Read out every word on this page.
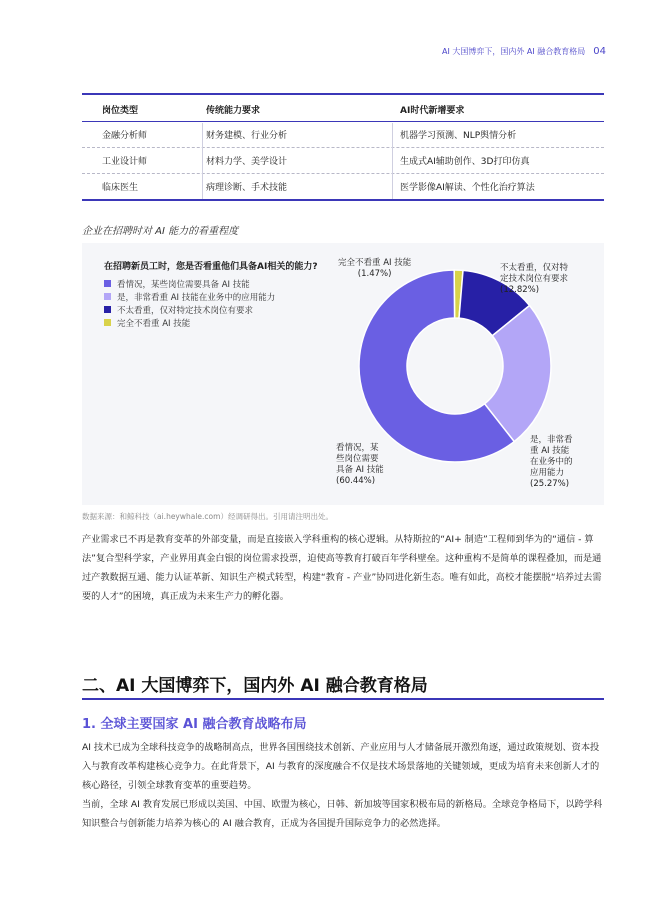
AI 大国博弈下，国内外 AI 融合教育格局 04
岗位类型	传统能力要求	AI时代新增要求
金融分析师	财务建模、行业分析	机器学习预测、NLP舆情分析
工业设计师	材料力学、美学设计	生成式AI辅助创作、3D打印仿真
临床医生	病理诊断、手术技能	医学影像AI解读、个性化治疗算法
企业在招聘时对 AI 能力的看重程度
在招聘新员工时，您是否看重他们具备AI相关的能力?
看情况，某些岗位需要具备 AI 技能
是，非常看重 AI 技能在业务中的应用能力
不太看重，仅对特定技术岗位有要求
完全不看重 AI 技能
完全不看重 AI 技能
(1.47%)
不太看重，仅对特
定技术岗位有要求
(12.82%)
是，非常看
重 AI 技能
在业务中的
应用能力
(25.27%)
看情况，某
些岗位需要
具备 AI 技能
(60.44%)
数据来源：和鲸科技（ai.heywhale.com）经调研得出。引用请注明出处。
产业需求已不再是教育变革的外部变量，而是直接嵌入学科重构的核心逻辑。从特斯拉的“AI+ 制造”工程师到华为的“通信 - 算法”复合型科学家，产业界用真金白银的岗位需求投票，迫使高等教育打破百年学科壁垒。这种重构不是简单的课程叠加，而是通过产教数据互通、能力认证革新、知识生产模式转型，构建“教育 - 产业”协同进化新生态。唯有如此，高校才能摆脱“培养过去需要的人才”的困境，真正成为未来生产力的孵化器。
二、AI 大国博弈下，国内外 AI 融合教育格局
1. 全球主要国家 AI 融合教育战略布局
AI 技术已成为全球科技竞争的战略制高点，世界各国围绕技术创新、产业应用与人才储备展开激烈角逐，通过政策规划、资本投入与教育改革构建核心竞争力。在此背景下，AI 与教育的深度融合不仅是技术场景落地的关键领域，更成为培育未来创新人才的核心路径，引领全球教育变革的重要趋势。
当前，全球 AI 教育发展已形成以美国、中国、欧盟为核心，日韩、新加坡等国家积极布局的新格局。全球竞争格局下，以跨学科知识整合与创新能力培养为核心的 AI 融合教育，正成为各国提升国际竞争力的必然选择。
